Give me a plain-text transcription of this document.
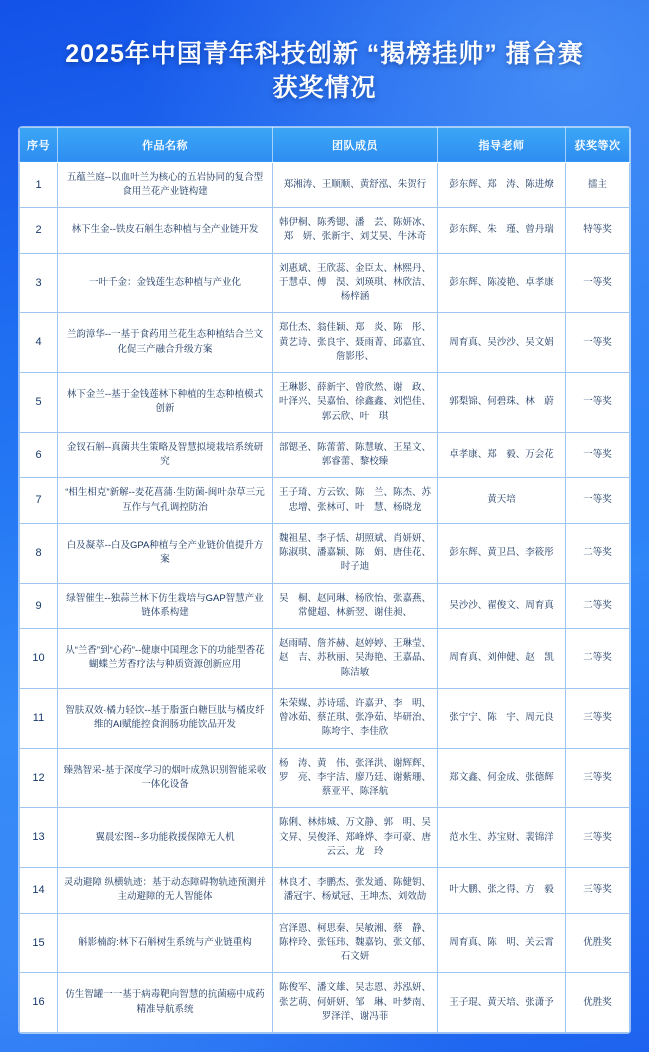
2025年中国青年科技创新 “揭榜挂帅” 擂台赛
获奖情况
序号	作品名称	团队成员	指导老师	获奖等次
1	五蕴兰庭--以血叶兰为核心的五岩协同的复合型食用兰花产业链构建	郑湘涛、王顺顺、黄舒泓、朱贺行	彭东辉、郑　涛、陈进燎	擂主
2	林下生金--铁皮石斛生态种植与全产业链开发	韩伊桐、陈秀锶、潘　芸、陈妍冰、郑　妍、张新宇、刘艾昊、牛沐奇	彭东辉、朱　瑾、曾丹瑞	特等奖
3	一叶千金：金钱莲生态种植与产业化	刘惠斌、王欣蕊、金臣太、林熙丹、于慧卓、傅　淏、刘瑛琪、林欣洁、杨梓涵	彭东辉、陈凌艳、卓孝康	一等奖
4	兰韵漳华--一基于食药用兰花生态种植结合兰文化促三产融合升级方案	郑仕杰、翁佳颖、郑　炎、陈　彤、黄艺诗、张良宇、聂雨菁、邱嘉宜、詹影彤、	周育真、吴沙沙、吴文娟	一等奖
5	林下金兰--基于金钱莲林下种植的生态种植模式创新	王琳影、薛新宇、曾欣然、谢　政、叶泽兴、吴嘉怡、徐鑫鑫、刘恺佳、郭云欣、叶　琪	郭梨锦、何碧珠、林　蔚	一等奖
6	金钗石斛--真菌共生策略及智慧拟境栽培系统研究	部锶圣、陈蕾蕾、陈慧敏、王星文、郭睿蕾、黎校臻	卓孝康、郑　毅、万会花	一等奖
7	“相生相克”新解--麦花菖蒲·生防菌-闽叶杂草三元互作与气孔调控防治	王子琦、方云钦、陈　兰、陈杰、苏忠增、张林可、叶　慧、杨晓龙	黄天培	一等奖
8	白及凝萃--白及GPA种植与全产业链价值提升方案	魏祖星、李子恬、胡照斌、肖妍妍、陈淑琪、潘嘉颖、陈　娟、唐佳花、时子迪	彭东辉、黄卫昌、李筱彤	二等奖
9	绿智催生--独蒜兰林下仿生栽培与GAP智慧产业链体系构建	吴　桐、赵同琳、杨欣怡、张嘉燕、常健超、林新翌、谢佳昶、	吴沙沙、翟俊文、周育真	二等奖
10	从“兰香”到“心药”--健康中国理念下的功能型香花蝴蝶兰芳香疗法与种质资源创新应用	赵雨晴、詹芥赫、赵婷婷、王琳莹、赵　吉、苏秋丽、吴海艳、王嘉晶、陈洁敏	周育真、刘伸健、赵　凯	二等奖
11	智肤双效·橘力轻饮--基于脂蛋白糖巨肽与橘皮纤维的AI赋能控食润肠功能饮品开发	朱荣媒、苏诗瑶、许嘉尹、李　明、曾冰茹、蔡芷琪、张净茹、毕研治、陈垮宇、李佳欣	张宁宁、陈　宇、周元良	三等奖
12	臻熟智采-基于深度学习的烟叶成熟识别智能采收一体化设备	杨　涛、黄　伟、张泽洪、谢辉辉、罗　亮、李宇洁、廖乃廷、谢紫珊、蔡亚平、陈泽航	郑文鑫、何金成、张德辉	三等奖
13	翼晨宏图--多功能救援保障无人机	陈俐、林炜城、万文静、郭　明、吴文昇、吴俊泽、郑峰烨、李可豪、唐云云、龙　玲	范水生、苏宝财、裴锦洋	三等奖
14	灵动避障 纵横轨迹：基于动态障碍物轨迹预测并主动避障的无人智能体	林良才、李鹏杰、张发通、陈健钥、潘冠宇、杨斌冠、王坤杰、刘效劼	叶大鹏、张之得、方　毅	三等奖
15	斛影楠韵:林下石斛树生系统与产业链重构	宫泽恩、柯思秦、吴敏湘、蔡　静、陈梓玲、张钰玮、魏嘉钧、张文郁、石文妍	周育真、陈　明、关云霄	优胜奖
16	仿生智罐一一基于病毒靶向智慧的抗菌癌中成药精准导航系统	陈俊军、潘文雄、吴志恩、苏泓妍、张艺萌、何妍妍、邹　琳、叶梦南、罗泽洋、谢冯菲	王子琨、黄天培、张潇予	优胜奖
